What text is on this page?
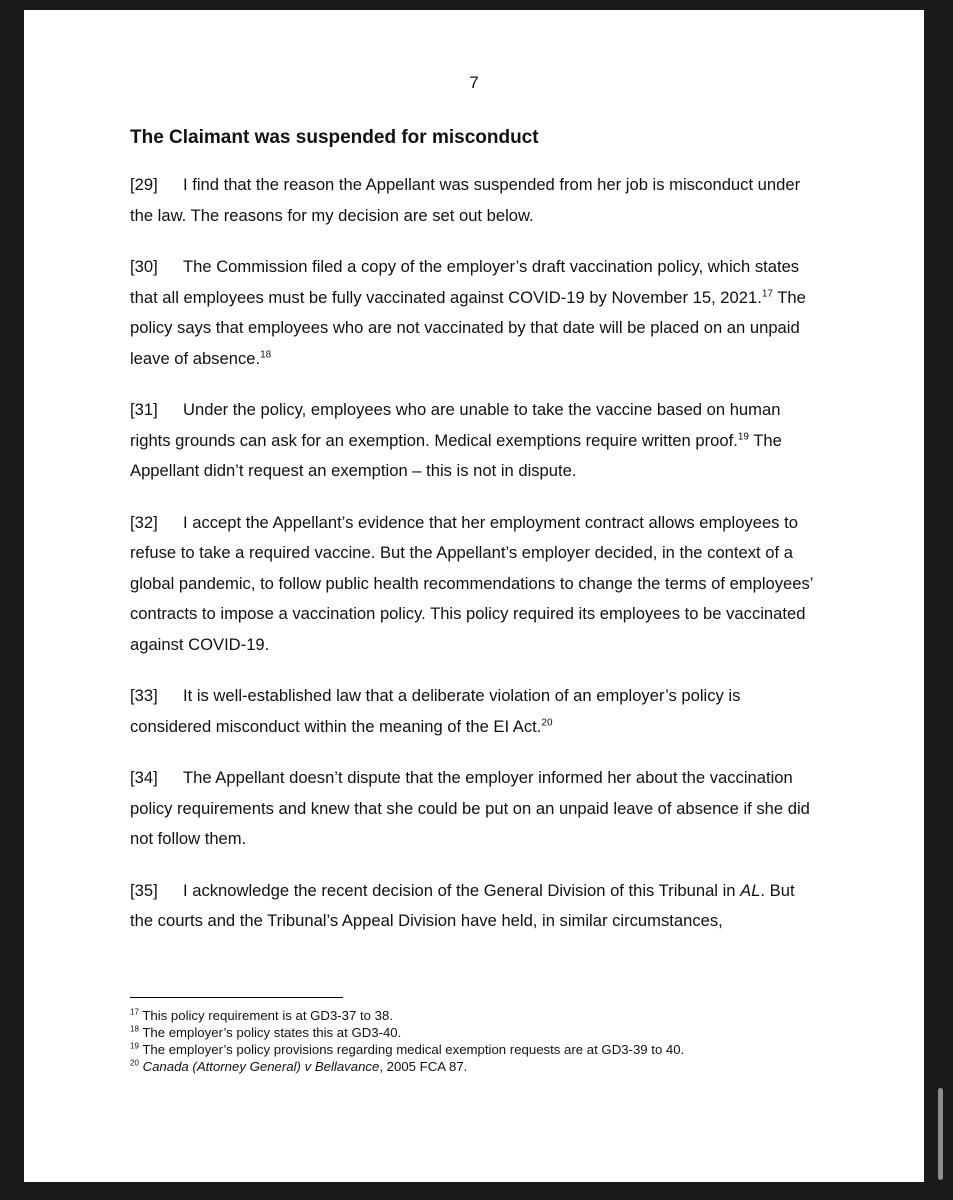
7
The Claimant was suspended for misconduct

[29] I find that the reason the Appellant was suspended from her job is misconduct under the law. The reasons for my decision are set out below.

[30] The Commission filed a copy of the employer’s draft vaccination policy, which states that all employees must be fully vaccinated against COVID-19 by November 15, 2021.17 The policy says that employees who are not vaccinated by that date will be placed on an unpaid leave of absence.$^{18}$

[31] Under the policy, employees who are unable to take the vaccine based on human rights grounds can ask for an exemption. Medical exemptions require written proof.$^{19}$ The Appellant didn’t request an exemption – this is not in dispute.

[32] I accept the Appellant’s evidence that her employment contract allows employees to refuse to take a required vaccine. But the Appellant’s employer decided, in the context of a global pandemic, to follow public health recommendations to change the terms of employees’ contracts to impose a vaccination policy. This policy required its employees to be vaccinated against COVID-19.

[33] It is well-established law that a deliberate violation of an employer’s policy is considered misconduct within the meaning of the EI Act.$^{20}$

[34] The Appellant doesn’t dispute that the employer informed her about the vaccination policy requirements and knew that she could be put on an unpaid leave of absence if she did not follow them.

[35] I acknowledge the recent decision of the General Division of this Tribunal in AL. But the courts and the Tribunal’s Appeal Division have held, in similar circumstances,

$^{17}$ This policy requirement is at GD3-37 to 38.
$^{18}$ The employer’s policy states this at GD3-40.
$^{19}$ The employer’s policy provisions regarding medical exemption requests are at GD3-39 to 40.
$^{20}$ Canada (Attorney General) v Bellavance, 2005 FCA 87.
